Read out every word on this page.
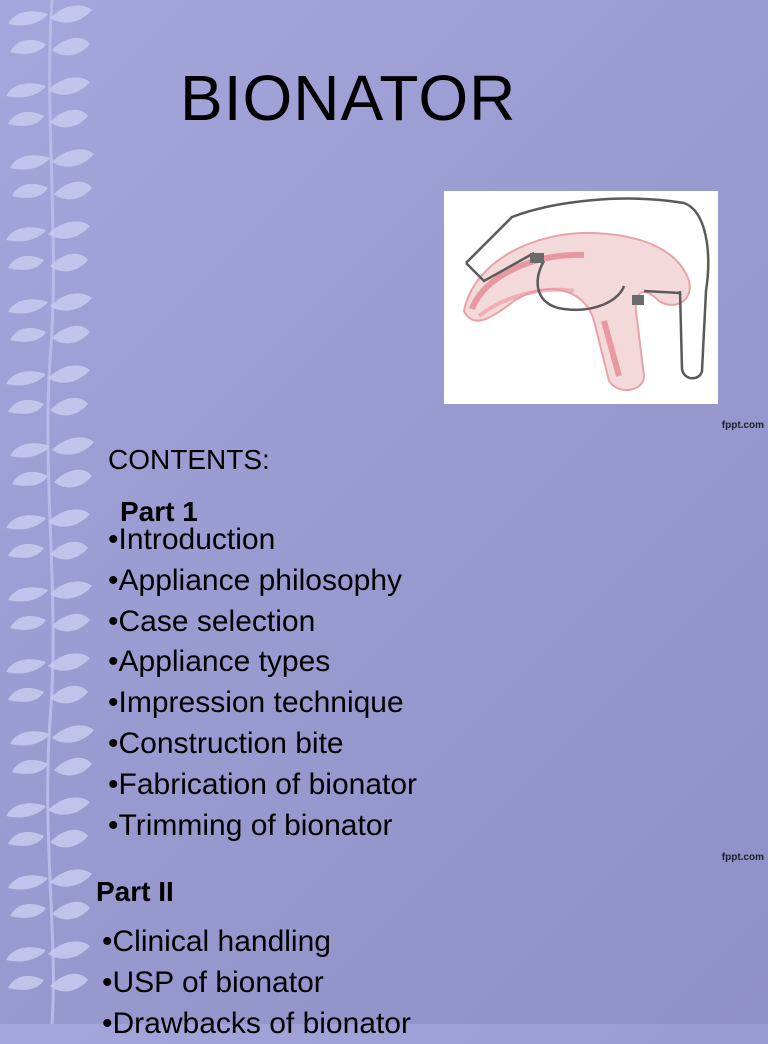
BIONATOR
fppt.com
CONTENTS:
Part 1
•Introduction
•Appliance philosophy
•Case selection
•Appliance types
•Impression technique
•Construction bite
•Fabrication of bionator
•Trimming of bionator
fppt.com
Part II
•Clinical handling
•USP of bionator
•Drawbacks of bionator
